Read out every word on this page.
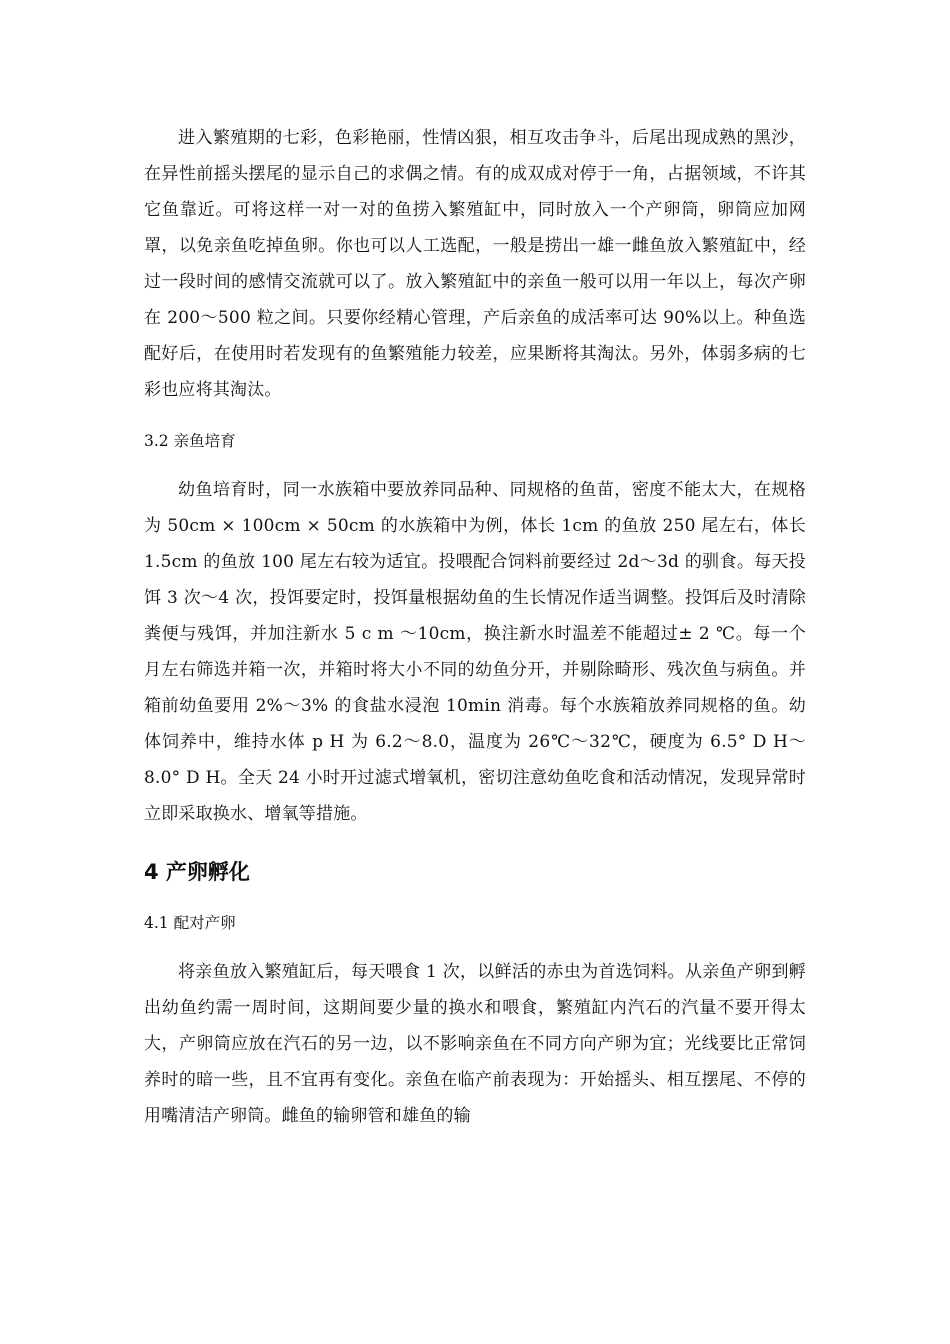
进入繁殖期的七彩，色彩艳丽，性情凶狠，相互攻击争斗，后尾出现成熟的黑沙，在异性前摇头摆尾的显示自己的求偶之情。有的成双成对停于一角，占据领域，不许其它鱼靠近。可将这样一对一对的鱼捞入繁殖缸中，同时放入一个产卵筒，卵筒应加网罩，以免亲鱼吃掉鱼卵。你也可以人工选配，一般是捞出一雄一雌鱼放入繁殖缸中，经过一段时间的感情交流就可以了。放入繁殖缸中的亲鱼一般可以用一年以上，每次产卵在 200～500 粒之间。只要你经精心管理，产后亲鱼的成活率可达 90%以上。种鱼选配好后，在使用时若发现有的鱼繁殖能力较差，应果断将其淘汰。另外，体弱多病的七彩也应将其淘汰。

3.2 亲鱼培育

幼鱼培育时，同一水族箱中要放养同品种、同规格的鱼苗，密度不能太大，在规格为 50cm × 100cm × 50cm 的水族箱中为例，体长 1cm 的鱼放 250 尾左右，体长 1.5cm 的鱼放 100 尾左右较为适宜。投喂配合饲料前要经过 2d～3d 的驯食。每天投饵 3 次～4 次，投饵要定时，投饵量根据幼鱼的生长情况作适当调整。投饵后及时清除粪便与残饵，并加注新水 5 c m ～10cm，换注新水时温差不能超过± 2 ℃。每一个月左右筛选并箱一次，并箱时将大小不同的幼鱼分开，并剔除畸形、残次鱼与病鱼。并箱前幼鱼要用 2%～3% 的食盐水浸泡 10min 消毒。每个水族箱放养同规格的鱼。幼体饲养中，维持水体 p H 为 6.2～8.0，温度为 26℃～32℃，硬度为 6.5° D H～8.0° D H。全天 24 小时开过滤式增氧机，密切注意幼鱼吃食和活动情况，发现异常时立即采取换水、增氧等措施。

4 产卵孵化
4.1 配对产卵

将亲鱼放入繁殖缸后，每天喂食 1 次，以鲜活的赤虫为首选饲料。从亲鱼产卵到孵出幼鱼约需一周时间，这期间要少量的换水和喂食，繁殖缸内汽石的汽量不要开得太大，产卵筒应放在汽石的另一边，以不影响亲鱼在不同方向产卵为宜；光线要比正常饲养时的暗一些，且不宜再有变化。亲鱼在临产前表现为：开始摇头、相互摆尾、不停的用嘴清洁产卵筒。雌鱼的输卵管和雄鱼的输
